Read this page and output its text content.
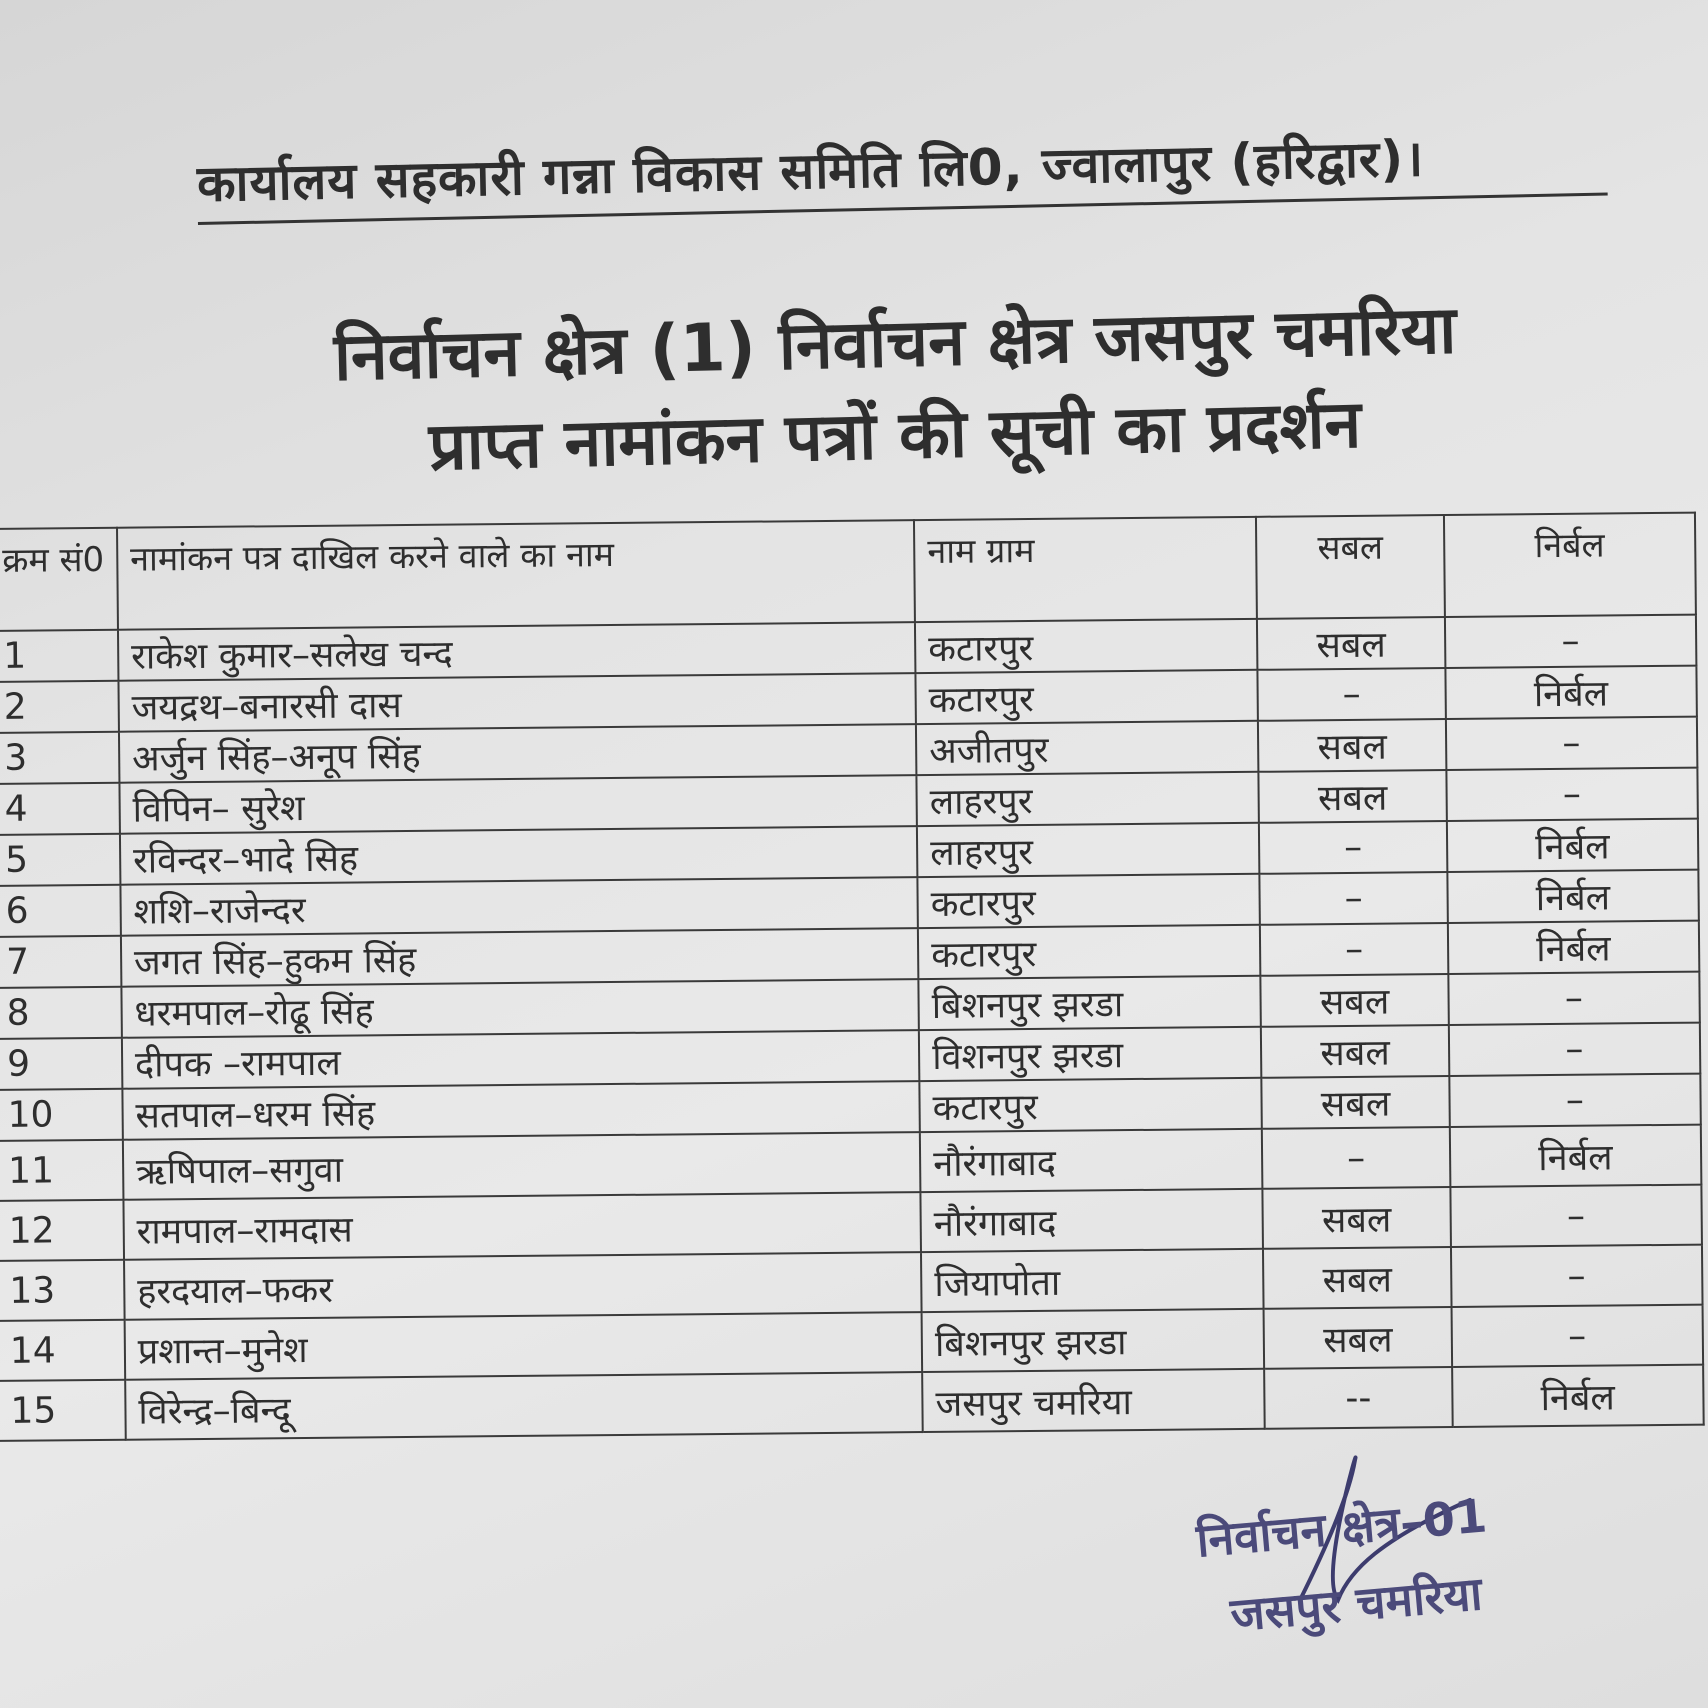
कार्यालय सहकारी गन्ना विकास समिति लि0, ज्वालापुर (हरिद्वार)।
निर्वाचन क्षेत्र (1) निर्वाचन क्षेत्र जसपुर चमरिया
प्राप्त नामांकन पत्रों की सूची का प्रदर्शन
क्रम सं0	नामांकन पत्र दाखिल करने वाले का नाम	नाम ग्राम	सबल	निर्बल
1	राकेश कुमार–सलेख चन्द	कटारपुर	सबल	–
2	जयद्रथ–बनारसी दास	कटारपुर	–	निर्बल
3	अर्जुन सिंह–अनूप सिंह	अजीतपुर	सबल	–
4	विपिन– सुरेश	लाहरपुर	सबल	–
5	रविन्दर–भादे सिह	लाहरपुर	–	निर्बल
6	शशि–राजेन्दर	कटारपुर	–	निर्बल
7	जगत सिंह–हुकम सिंह	कटारपुर	–	निर्बल
8	धरमपाल–रोढू सिंह	बिशनपुर झरडा	सबल	–
9	दीपक –रामपाल	विशनपुर झरडा	सबल	–
10	सतपाल–धरम सिंह	कटारपुर	सबल	–
11	ऋषिपाल–सगुवा	नौरंगाबाद	–	निर्बल
12	रामपाल–रामदास	नौरंगाबाद	सबल	–
13	हरदयाल–फकर	जियापोता	सबल	–
14	प्रशान्त–मुनेश	बिशनपुर झरडा	सबल	–
15	विरेन्द्र–बिन्दू	जसपुर चमरिया	--	निर्बल
निर्वाचन क्षेत्र–01
जसपुर चमरिया
